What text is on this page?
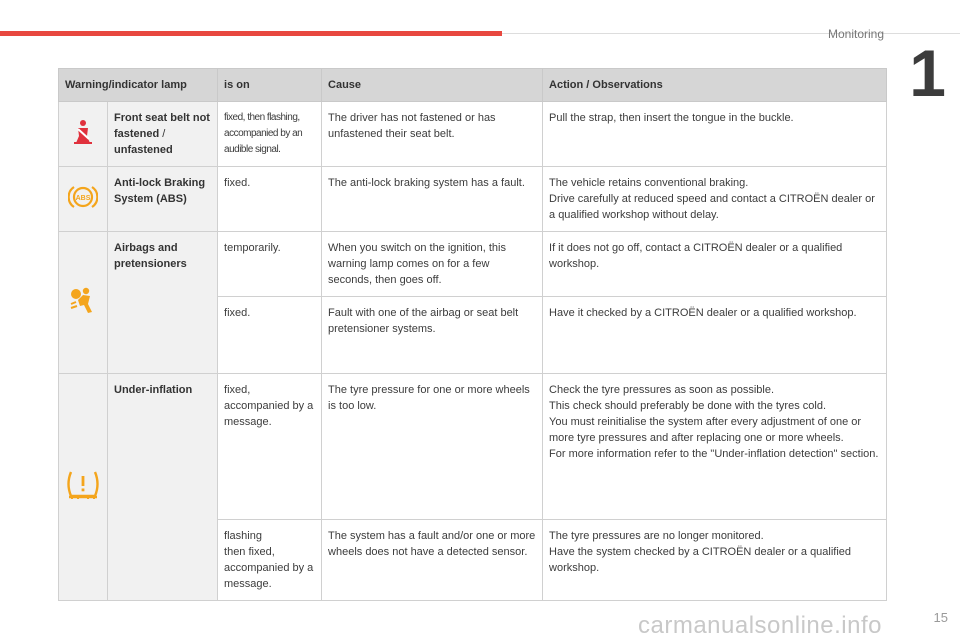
Monitoring
1
Warning/indicator lamp		is on	Cause	Action / Observations
	Front seat belt not fastened / unfastened	fixed, then flashing, accompanied by an audible signal.	The driver has not fastened or has unfastened their seat belt.	Pull the strap, then insert the tongue in the buckle.

ABS	Anti-lock Braking System (ABS)	fixed.	The anti-lock braking system has a fault.	The vehicle retains conventional braking.
Drive carefully at reduced speed and contact a CITROËN dealer or a qualified workshop without delay.

	Airbags and pretensioners	temporarily.	When you switch on the ignition, this warning lamp comes on for a few seconds, then goes off.	If it does not go off, contact a CITROËN dealer or a qualified workshop.
		fixed.	Fault with one of the airbag or seat belt pretensioner systems.	Have it checked by a CITROËN dealer or a qualified workshop.
	Under-inflation	fixed, accompanied by a message.	The tyre pressure for one or more wheels is too low.	Check the tyre pressures as soon as possible.
This check should preferably be done with the tyres cold.
You must reinitialise the system after every adjustment of one or more tyre pressures and after replacing one or more wheels.
For more information refer to the "Under-inflation detection" section.

		flashing
then fixed, accompanied by a message.	The system has a fault and/or one or more wheels does not have a detected sensor.	The tyre pressures are no longer monitored.
Have the system checked by a CITROËN dealer or a qualified workshop.
carmanualsonline.info	15
